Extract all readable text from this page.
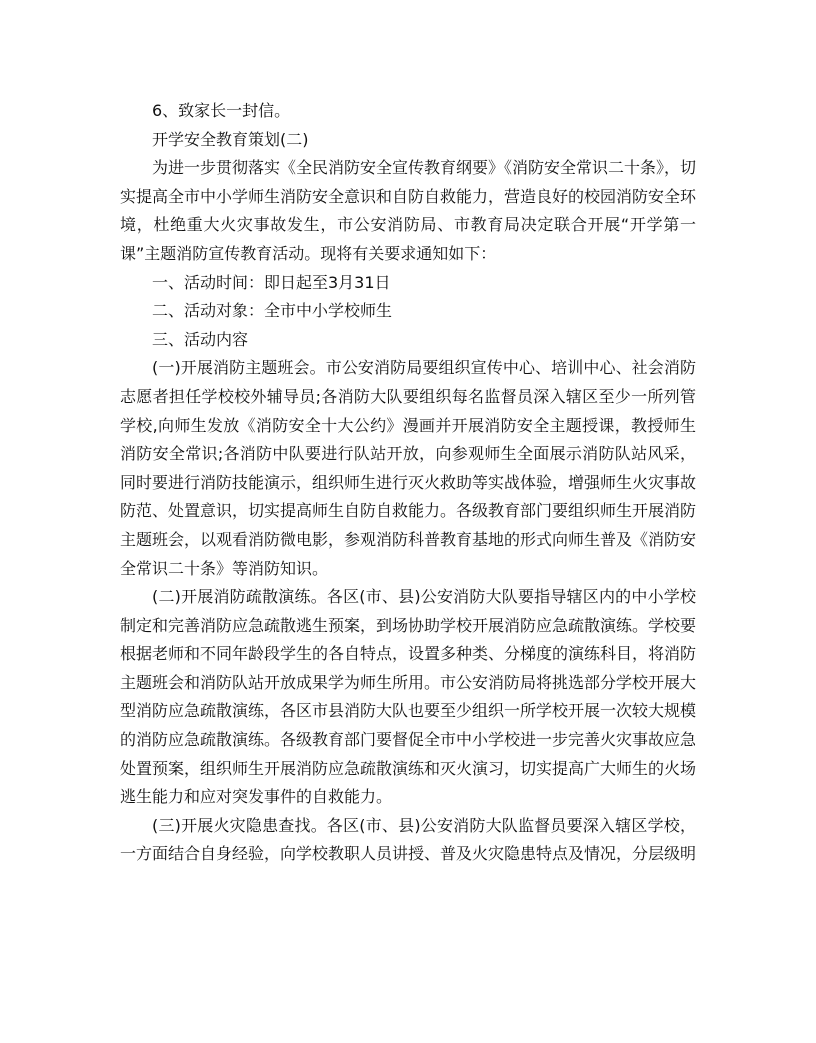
6、致家长一封信。

开学安全教育策划(二)

为进一步贯彻落实《全民消防安全宣传教育纲要》《消防安全常识二十条》，切实提高全市中小学师生消防安全意识和自防自救能力，营造良好的校园消防安全环境，杜绝重大火灾事故发生，市公安消防局、市教育局决定联合开展“开学第一课”主题消防宣传教育活动。现将有关要求通知如下：

一、活动时间：即日起至3月31日

二、活动对象：全市中小学校师生

三、活动内容

(一)开展消防主题班会。市公安消防局要组织宣传中心、培训中心、社会消防志愿者担任学校校外辅导员;各消防大队要组织每名监督员深入辖区至少一所列管学校,向师生发放《消防安全十大公约》漫画并开展消防安全主题授课，教授师生消防安全常识;各消防中队要进行队站开放，向参观师生全面展示消防队站风采，同时要进行消防技能演示，组织师生进行灭火救助等实战体验，增强师生火灾事故防范、处置意识，切实提高师生自防自救能力。各级教育部门要组织师生开展消防主题班会，以观看消防微电影，参观消防科普教育基地的形式向师生普及《消防安全常识二十条》等消防知识。

(二)开展消防疏散演练。各区(市、县)公安消防大队要指导辖区内的中小学校制定和完善消防应急疏散逃生预案，到场协助学校开展消防应急疏散演练。学校要根据老师和不同年龄段学生的各自特点，设置多种类、分梯度的演练科目，将消防主题班会和消防队站开放成果学为师生所用。市公安消防局将挑选部分学校开展大型消防应急疏散演练，各区市县消防大队也要至少组织一所学校开展一次较大规模的消防应急疏散演练。各级教育部门要督促全市中小学校进一步完善火灾事故应急处置预案，组织师生开展消防应急疏散演练和灭火演习，切实提高广大师生的火场逃生能力和应对突发事件的自救能力。

(三)开展火灾隐患查找。各区(市、县)公安消防大队监督员要深入辖区学校，一方面结合自身经验，向学校教职人员讲授、普及火灾隐患特点及情况，分层级明
